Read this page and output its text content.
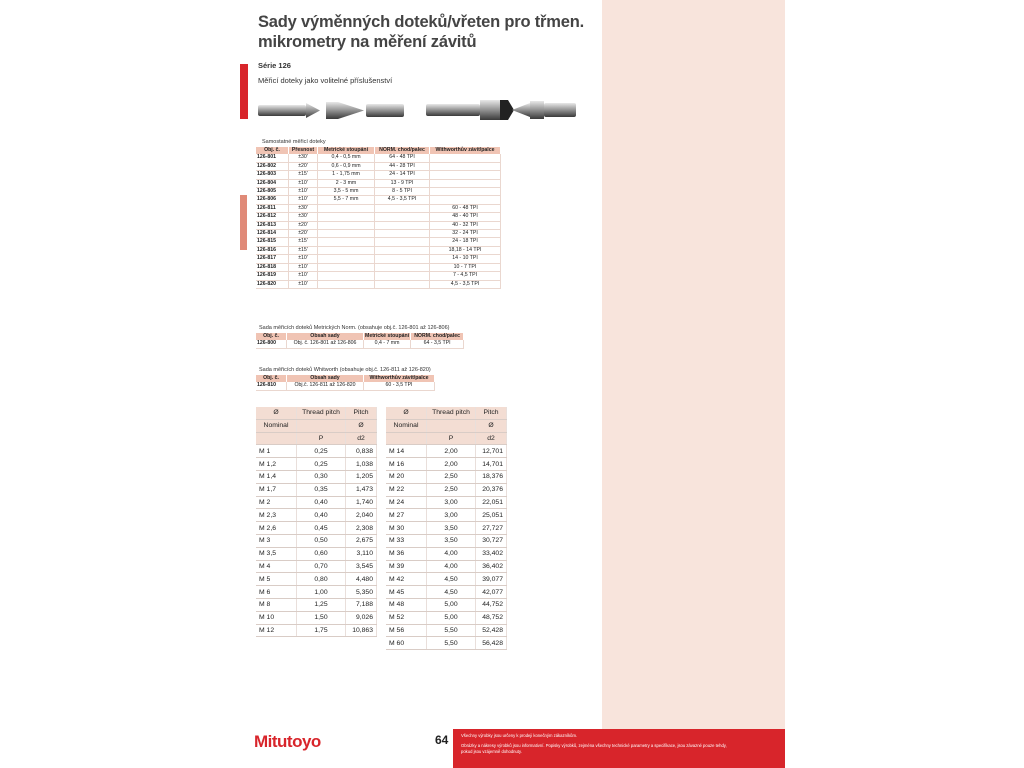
Sady výměnných doteků/vřeten pro třmen. mikrometry na měření závitů
Série 126
Měřicí doteky jako volitelné příslušenství
Samostatné měřicí doteky
Obj. č.	Přesnost	Metrické stoupání	NORM. chod/palec	Withworthův závit/palce
126-801	±30'	0,4 - 0,5 mm	64 - 48 TPI	
126-802	±20'	0,6 - 0,9 mm	44 - 28 TPI	
126-803	±15'	1 - 1,75 mm	24 - 14 TPI	
126-804	±10'	2 - 3 mm	13 - 9 TPI	
126-805	±10'	3,5 - 5 mm	8 - 5 TPI	
126-806	±10'	5,5 - 7 mm	4,5 - 3,5 TPI	
126-811	±30'			60 - 48 TPI
126-812	±30'			48 - 40 TPI
126-813	±20'			40 - 32 TPI
126-814	±20'			32 - 24 TPI
126-815	±15'			24 - 18 TPI
126-816	±15'			18,18 - 14 TPI
126-817	±10'			14 - 10 TPI
126-818	±10'			10 - 7 TPI
126-819	±10'			7 - 4,5 TPI
126-820	±10'			4,5 - 3,5 TPI
Sada měřicích doteků Metrických Norm. (obsahuje obj.č. 126-801 až 126-806)
Obj. č.	Obsah sady	Metrické stoupání	NORM. chod/palec
126-800	Obj. č. 126-801 až 126-806	0,4 - 7 mm	64 - 3,5 TPI
Sada měřicích doteků Whitworth (obsahuje obj.č. 126-811 až 126-820)
Obj. č.	Obsah sady	Withworthův závit/palce
126-810	Obj.č. 126-811 až 126-820	60 - 3,5 TPI
Ø	Thread pitch	Pitch
Nominal		Ø
	P	d2
M 1	0,25	0,838
M 1,2	0,25	1,038
M 1,4	0,30	1,205
M 1,7	0,35	1,473
M 2	0,40	1,740
M 2,3	0,40	2,040
M 2,6	0,45	2,308
M 3	0,50	2,675
M 3,5	0,60	3,110
M 4	0,70	3,545
M 5	0,80	4,480
M 6	1,00	5,350
M 8	1,25	7,188
M 10	1,50	9,026
M 12	1,75	10,863
Ø	Thread pitch	Pitch
Nominal		Ø
	P	d2
M 14	2,00	12,701
M 16	2,00	14,701
M 20	2,50	18,376
M 22	2,50	20,376
M 24	3,00	22,051
M 27	3,00	25,051
M 30	3,50	27,727
M 33	3,50	30,727
M 36	4,00	33,402
M 39	4,00	36,402
M 42	4,50	39,077
M 45	4,50	42,077
M 48	5,00	44,752
M 52	5,00	48,752
M 56	5,50	52,428
M 60	5,50	56,428
Mitutoyo	64	Všechny výrobky jsou určeny k prodeji konečným zákazníkům.

Obrázky a nákresy výrobků jsou informativní. Popisky výrobků, zejména všechny technické parametry a specifikace, jsou závazné pouze tehdy,

pokud jsou vzájemně dohodnuty.
